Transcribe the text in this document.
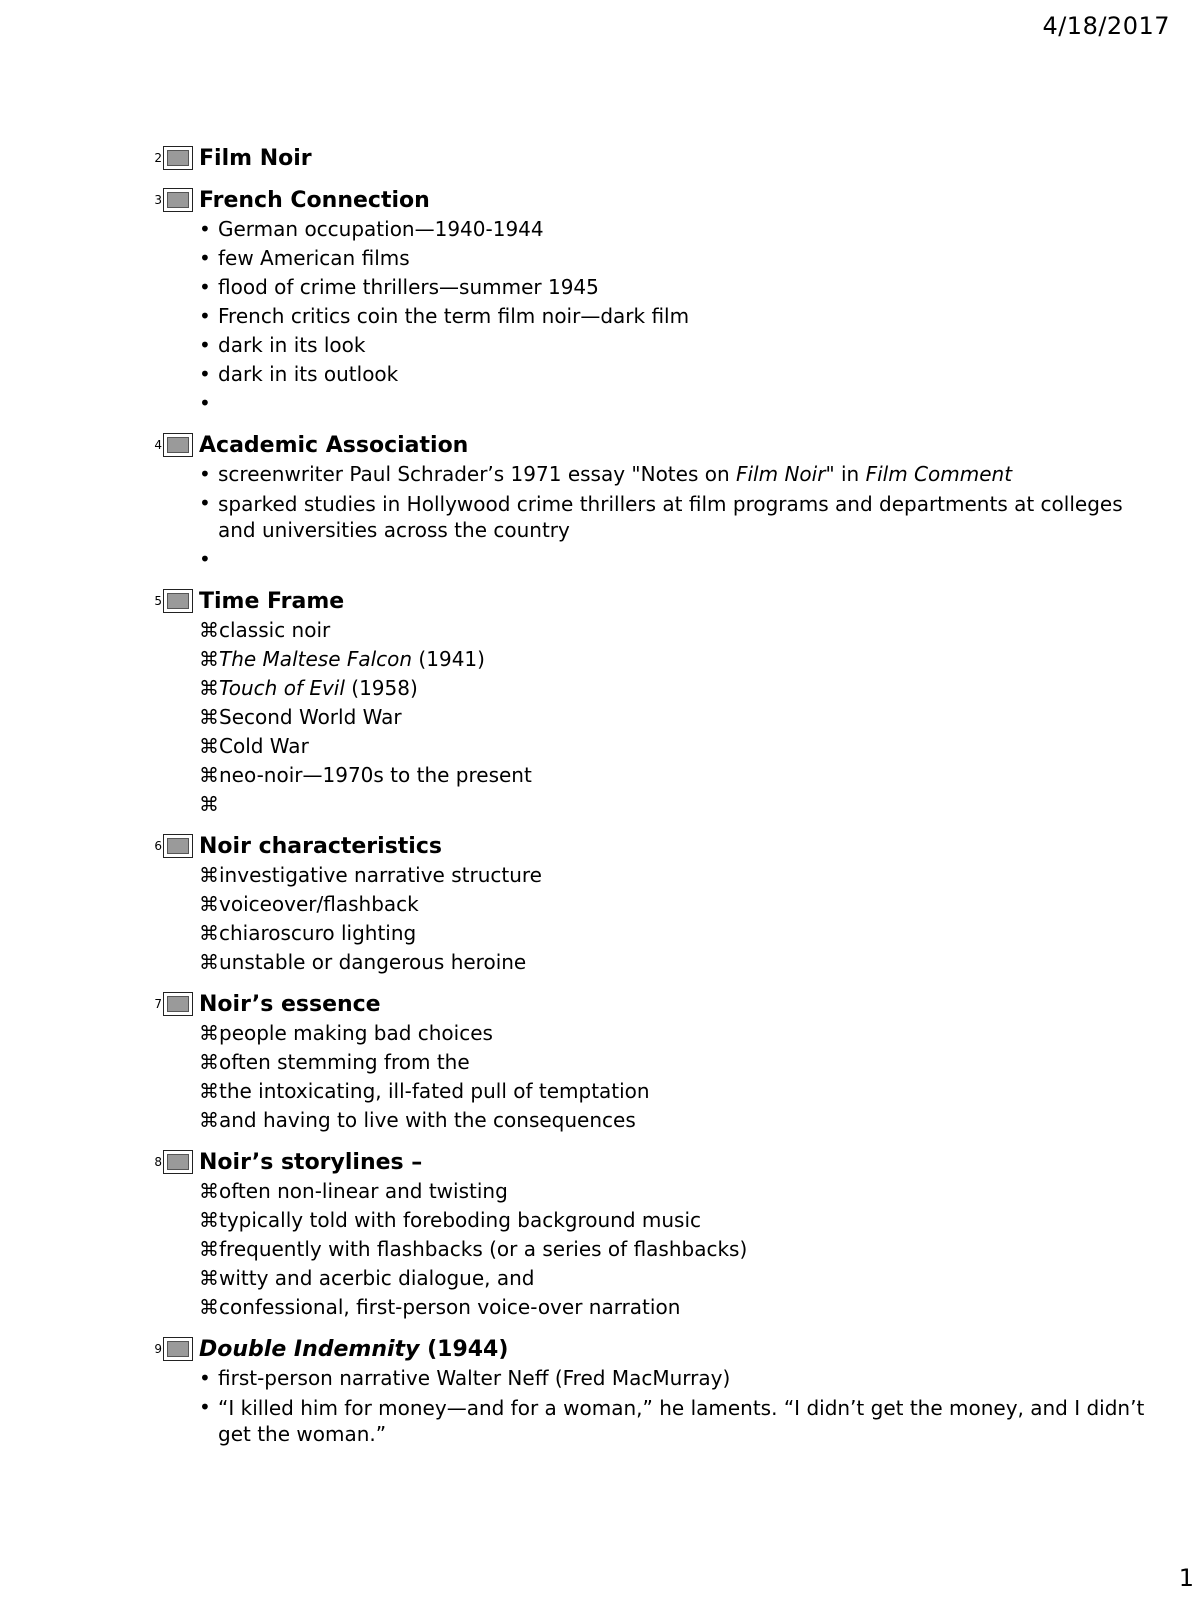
4/18/2017
2 Film Noir
3 French Connection
• German occupation—1940-1944
• few American films
• flood of crime thrillers—summer 1945
• French critics coin the term film noir—dark film
• dark in its look
• dark in its outlook
•
4 Academic Association
• screenwriter Paul Schrader’s 1971 essay "Notes on Film Noir" in Film Comment
• sparked studies in Hollywood crime thrillers at film programs and departments at colleges and universities across the country
•
5 Time Frame
⌘classic noir
⌘The Maltese Falcon (1941)
⌘Touch of Evil (1958)
⌘Second World War
⌘Cold War
⌘neo-noir—1970s to the present
⌘
6 Noir characteristics
⌘investigative narrative structure
⌘voiceover/flashback
⌘chiaroscuro lighting
⌘unstable or dangerous heroine
7 Noir’s essence
⌘people making bad choices
⌘often stemming from the
⌘the intoxicating, ill-fated pull of temptation
⌘and having to live with the consequences
8 Noir’s storylines –
⌘often non-linear and twisting
⌘typically told with foreboding background music
⌘frequently with flashbacks (or a series of flashbacks)
⌘witty and acerbic dialogue, and
⌘confessional, first-person voice-over narration
9 Double Indemnity (1944)
• first-person narrative Walter Neff (Fred MacMurray)
• “I killed him for money—and for a woman,” he laments. “I didn’t get the money, and I didn’t get the woman.”
1
